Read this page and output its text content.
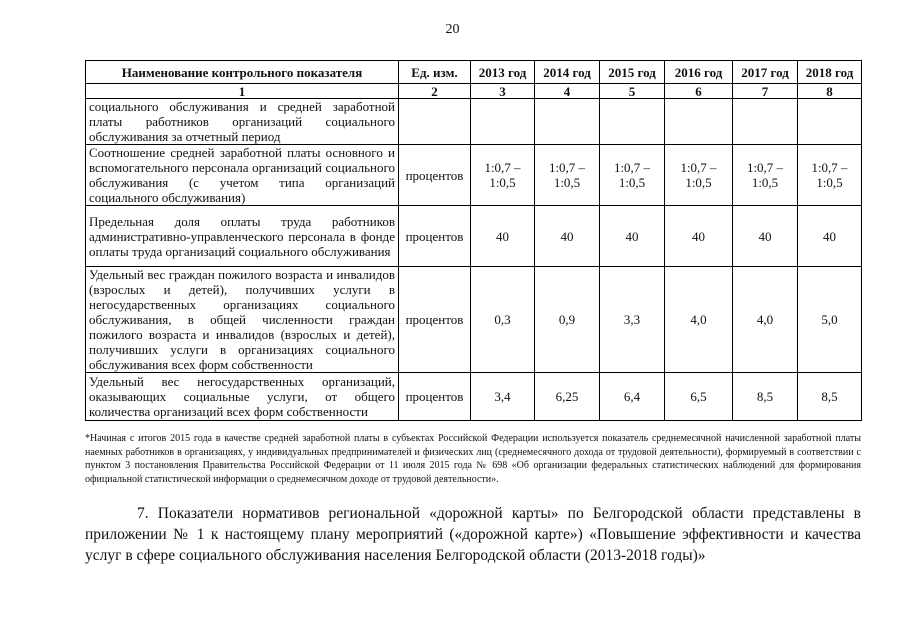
20
Наименование контрольного показателя	Ед. изм.	2013 год	2014 год	2015 год	2016 год	2017 год	2018 год
1	2	3	4	5	6	7	8
социального обслуживания и средней заработной платы работников организаций социального обслуживания за отчетный период							
Соотношение средней заработной платы основного и вспомогательного персонала организаций социального обслуживания (с учетом типа организаций социального обслуживания)	процентов	1:0,7 – 1:0,5	1:0,7 – 1:0,5	1:0,7 – 1:0,5	1:0,7 – 1:0,5	1:0,7 – 1:0,5	1:0,7 – 1:0,5
Предельная доля оплаты труда работников административно-управленческого персонала в фонде оплаты труда организаций социального обслуживания	процентов	40	40	40	40	40	40
Удельный вес граждан пожилого возраста и инвалидов (взрослых и детей), получивших услуги в негосударственных организациях социального обслуживания, в общей численности граждан пожилого возраста и инвалидов (взрослых и детей), получивших услуги в организациях социального обслуживания всех форм собственности	процентов	0,3	0,9	3,3	4,0	4,0	5,0
Удельный вес негосударственных организаций, оказывающих социальные услуги, от общего количества организаций всех форм собственности	процентов	3,4	6,25	6,4	6,5	8,5	8,5
*Начиная с итогов 2015 года в качестве средней заработной платы в субъектах Российской Федерации используется показатель среднемесячной начисленной заработной платы наемных работников в организациях, у индивидуальных предпринимателей и физических лиц (среднемесячного дохода от трудовой деятельности), формируемый в соответствии с пунктом 3 постановления Правительства Российской Федерации от 11 июля 2015 года № 698 «Об организации федеральных статистических наблюдений для формирования официальной статистической информации о среднемесячном доходе от трудовой деятельности».
7. Показатели нормативов региональной «дорожной карты» по Белгородской области представлены в приложении № 1 к настоящему плану мероприятий («дорожной карте») «Повышение эффективности и качества услуг в сфере социального обслуживания населения Белгородской области (2013-2018 годы)»
